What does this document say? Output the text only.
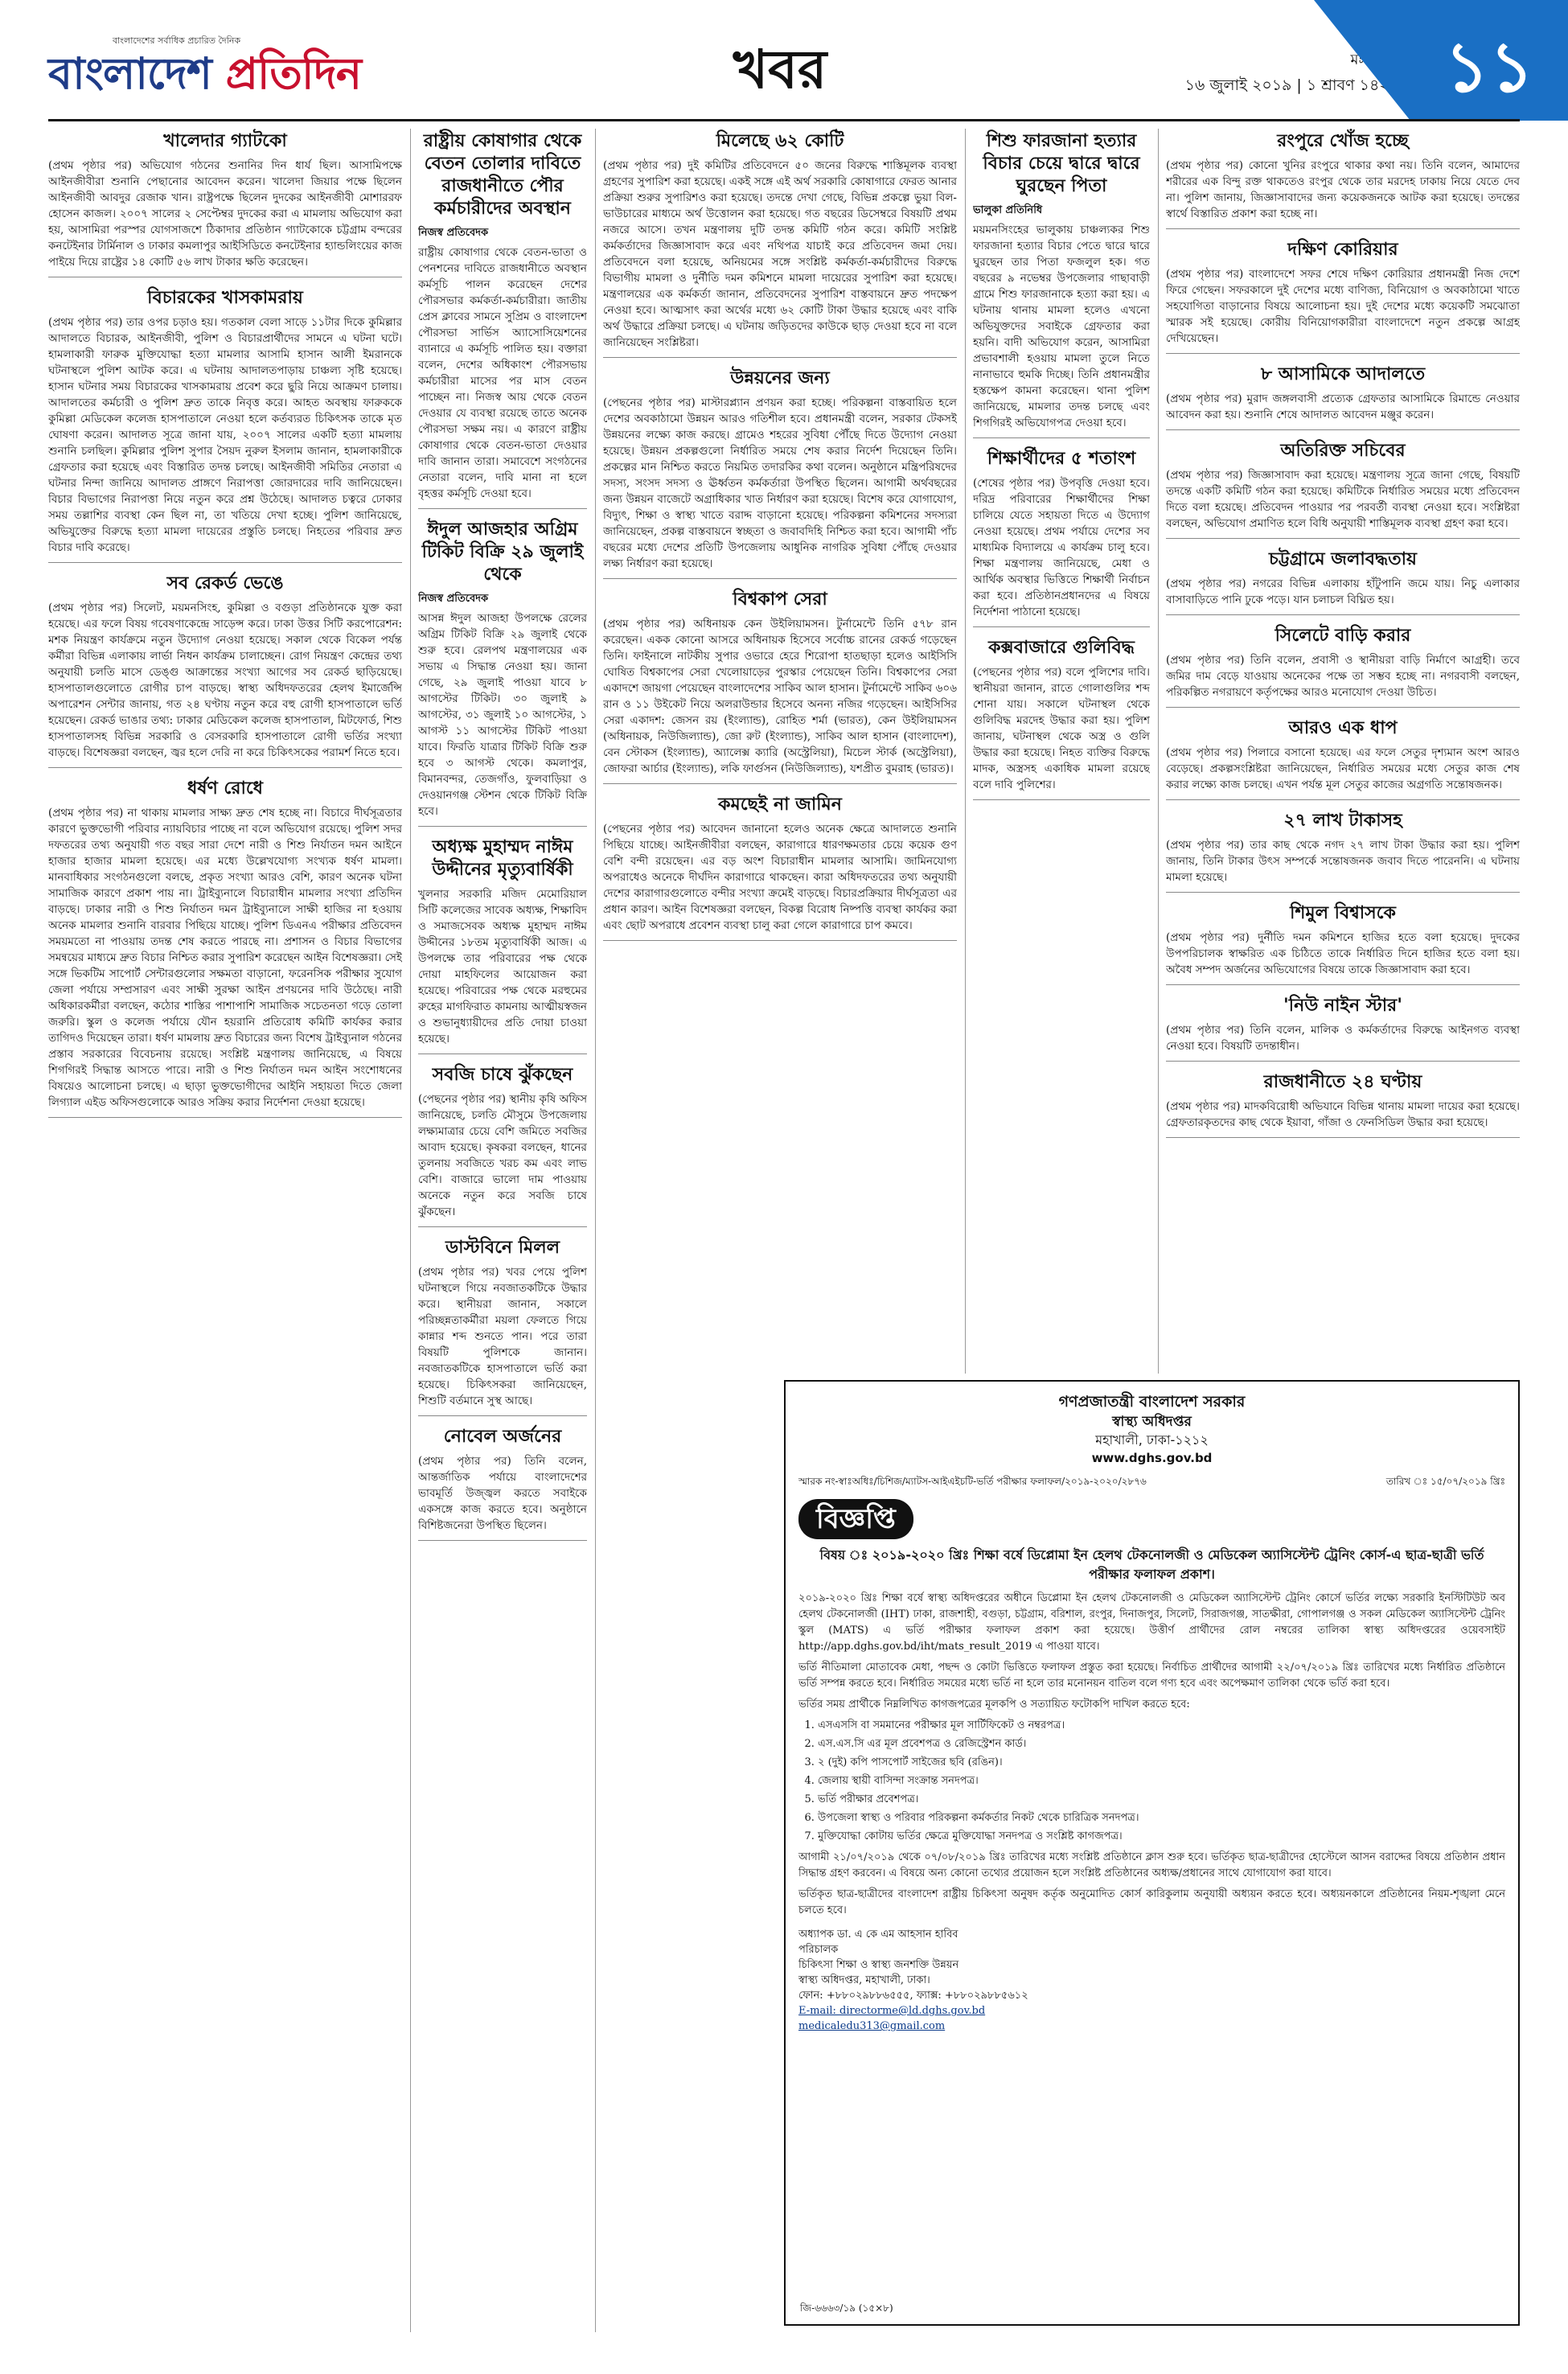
বাংলাদেশের সর্বাধিক প্রচারিত দৈনিক
বাংলাদেশ প্রতিদিন	খবর	১৬ জুলাই ২০১৯ | ১ শ্রাবণ ১৪২৬ ১১
খালেদার গ্যাটকো

(প্রথম পৃষ্ঠার পর) অভিযোগ গঠনের শুনানির দিন ধার্য ছিল। আসামিপক্ষে আইনজীবীরা শুনানি পেছানোর আবেদন করেন। খালেদা জিয়ার পক্ষে ছিলেন আইনজীবী আবদুর রেজাক খান। রাষ্ট্রপক্ষে ছিলেন দুদকের আইনজীবী মোশাররফ হোসেন কাজল। ২০০৭ সালের ২ সেপ্টেম্বর দুদকের করা এ মামলায় অভিযোগ করা হয়, আসামিরা পরস্পর যোগসাজশে ঠিকাদার প্রতিষ্ঠান গ্যাটকোকে চট্টগ্রাম বন্দরের কনটেইনার টার্মিনাল ও ঢাকার কমলাপুর আইসিডিতে কনটেইনার হ্যান্ডলিংয়ের কাজ পাইয়ে দিয়ে রাষ্ট্রের ১৪ কোটি ৫৬ লাখ টাকার ক্ষতি করেছেন।

বিচারকের খাসকামরায়

(প্রথম পৃষ্ঠার পর) তার ওপর চড়াও হয়। গতকাল বেলা সাড়ে ১১টার দিকে কুমিল্লার আদালতে বিচারক, আইনজীবী, পুলিশ ও বিচারপ্রার্থীদের সামনে এ ঘটনা ঘটে। হামলাকারী ফারুক মুক্তিযোদ্ধা হত্যা মামলার আসামি হাসান আলী ইমরানকে ঘটনাস্থলে পুলিশ আটক করে। এ ঘটনায় আদালতপাড়ায় চাঞ্চল্য সৃষ্টি হয়েছে। হাসান ঘটনার সময় বিচারকের খাসকামরায় প্রবেশ করে ছুরি নিয়ে আক্রমণ চালায়। আদালতের কর্মচারী ও পুলিশ দ্রুত তাকে নিবৃত্ত করে। আহত অবস্থায় ফারুককে কুমিল্লা মেডিকেল কলেজ হাসপাতালে নেওয়া হলে কর্তব্যরত চিকিৎসক তাকে মৃত ঘোষণা করেন। আদালত সূত্রে জানা যায়, ২০০৭ সালের একটি হত্যা মামলায় শুনানি চলছিল। কুমিল্লার পুলিশ সুপার সৈয়দ নুরুল ইসলাম জানান, হামলাকারীকে গ্রেফতার করা হয়েছে এবং বিস্তারিত তদন্ত চলছে। আইনজীবী সমিতির নেতারা এ ঘটনার নিন্দা জানিয়ে আদালত প্রাঙ্গণে নিরাপত্তা জোরদারের দাবি জানিয়েছেন। বিচার বিভাগের নিরাপত্তা নিয়ে নতুন করে প্রশ্ন উঠেছে। আদালত চত্বরে ঢোকার সময় তল্লাশির ব্যবস্থা কেন ছিল না, তা খতিয়ে দেখা হচ্ছে। পুলিশ জানিয়েছে, অভিযুক্তের বিরুদ্ধে হত্যা মামলা দায়েরের প্রস্তুতি চলছে। নিহতের পরিবার দ্রুত বিচার দাবি করেছে।

সব রেকর্ড ভেঙে

(প্রথম পৃষ্ঠার পর) সিলেট, ময়মনসিংহ, কুমিল্লা ও বগুড়া প্রতিষ্ঠানকে যুক্ত করা হয়েছে। এর ফলে বিষয় গবেষণাকেন্দ্রে সাড়েন্স করে। ঢাকা উত্তর সিটি করপোরেশন: মশক নিয়ন্ত্রণ কার্যক্রমে নতুন উদ্যোগ নেওয়া হয়েছে। সকাল থেকে বিকেল পর্যন্ত কর্মীরা বিভিন্ন এলাকায় লার্ভা নিধন কার্যক্রম চালাচ্ছেন। রোগ নিয়ন্ত্রণ কেন্দ্রের তথ্য অনুযায়ী চলতি মাসে ডেঙ্গু আক্রান্তের সংখ্যা আগের সব রেকর্ড ছাড়িয়েছে। হাসপাতালগুলোতে রোগীর চাপ বাড়ছে। স্বাস্থ্য অধিদফতরের হেলথ ইমার্জেন্সি অপারেশন সেন্টার জানায়, গত ২৪ ঘণ্টায় নতুন করে বহু রোগী হাসপাতালে ভর্তি হয়েছেন। রেকর্ড ভাঙার তথ্য: ঢাকার মেডিকেল কলেজ হাসপাতাল, মিটফোর্ড, শিশু হাসপাতালসহ বিভিন্ন সরকারি ও বেসরকারি হাসপাতালে রোগী ভর্তির সংখ্যা বাড়ছে। বিশেষজ্ঞরা বলছেন, জ্বর হলে দেরি না করে চিকিৎসকের পরামর্শ নিতে হবে।

ধর্ষণ রোধে

(প্রথম পৃষ্ঠার পর) না থাকায় মামলার সাক্ষ্য দ্রুত শেষ হচ্ছে না। বিচারে দীর্ঘসূত্রতার কারণে ভুক্তভোগী পরিবার ন্যায়বিচার পাচ্ছে না বলে অভিযোগ রয়েছে। পুলিশ সদর দফতরের তথ্য অনুযায়ী গত বছর সারা দেশে নারী ও শিশু নির্যাতন দমন আইনে হাজার হাজার মামলা হয়েছে। এর মধ্যে উল্লেখযোগ্য সংখ্যক ধর্ষণ মামলা। মানবাধিকার সংগঠনগুলো বলছে, প্রকৃত সংখ্যা আরও বেশি, কারণ অনেক ঘটনা সামাজিক কারণে প্রকাশ পায় না। ট্রাইব্যুনালে বিচারাধীন মামলার সংখ্যা প্রতিদিন বাড়ছে। ঢাকার নারী ও শিশু নির্যাতন দমন ট্রাইব্যুনালে সাক্ষী হাজির না হওয়ায় অনেক মামলার শুনানি বারবার পিছিয়ে যাচ্ছে। পুলিশ ডিএনএ পরীক্ষার প্রতিবেদন সময়মতো না পাওয়ায় তদন্ত শেষ করতে পারছে না। প্রশাসন ও বিচার বিভাগের সমন্বয়ের মাধ্যমে দ্রুত বিচার নিশ্চিত করার সুপারিশ করেছেন আইন বিশেষজ্ঞরা। সেই সঙ্গে ভিকটিম সাপোর্ট সেন্টারগুলোর সক্ষমতা বাড়ানো, ফরেনসিক পরীক্ষার সুযোগ জেলা পর্যায়ে সম্প্রসারণ এবং সাক্ষী সুরক্ষা আইন প্রণয়নের দাবি উঠেছে। নারী অধিকারকর্মীরা বলছেন, কঠোর শাস্তির পাশাপাশি সামাজিক সচেতনতা গড়ে তোলা জরুরি। স্কুল ও কলেজ পর্যায়ে যৌন হয়রানি প্রতিরোধ কমিটি কার্যকর করার তাগিদও দিয়েছেন তারা। ধর্ষণ মামলায় দ্রুত বিচারের জন্য বিশেষ ট্রাইব্যুনাল গঠনের প্রস্তাব সরকারের বিবেচনায় রয়েছে। সংশ্লিষ্ট মন্ত্রণালয় জানিয়েছে, এ বিষয়ে শিগগিরই সিদ্ধান্ত আসতে পারে। নারী ও শিশু নির্যাতন দমন আইন সংশোধনের বিষয়েও আলোচনা চলছে। এ ছাড়া ভুক্তভোগীদের আইনি সহায়তা দিতে জেলা লিগ্যাল এইড অফিসগুলোকে আরও সক্রিয় করার নির্দেশনা দেওয়া হয়েছে।

রাষ্ট্রীয় কোষাগার থেকে বেতন তোলার দাবিতে রাজধানীতে পৌর কর্মচারীদের অবস্থান
নিজস্ব প্রতিবেদক

রাষ্ট্রীয় কোষাগার থেকে বেতন-ভাতা ও পেনশনের দাবিতে রাজধানীতে অবস্থান কর্মসূচি পালন করেছেন দেশের পৌরসভার কর্মকর্তা-কর্মচারীরা। জাতীয় প্রেস ক্লাবের সামনে সুপ্রিম ও বাংলাদেশ পৌরসভা সার্ভিস অ্যাসোসিয়েশনের ব্যানারে এ কর্মসূচি পালিত হয়। বক্তারা বলেন, দেশের অধিকাংশ পৌরসভায় কর্মচারীরা মাসের পর মাস বেতন পাচ্ছেন না। নিজস্ব আয় থেকে বেতন দেওয়ার যে ব্যবস্থা রয়েছে তাতে অনেক পৌরসভা সক্ষম নয়। এ কারণে রাষ্ট্রীয় কোষাগার থেকে বেতন-ভাতা দেওয়ার দাবি জানান তারা। সমাবেশে সংগঠনের নেতারা বলেন, দাবি মানা না হলে বৃহত্তর কর্মসূচি দেওয়া হবে।

ঈদুল আজহার অগ্রিম টিকিট বিক্রি ২৯ জুলাই থেকে
নিজস্ব প্রতিবেদক

আসন্ন ঈদুল আজহা উপলক্ষে রেলের অগ্রিম টিকিট বিক্রি ২৯ জুলাই থেকে শুরু হবে। রেলপথ মন্ত্রণালয়ের এক সভায় এ সিদ্ধান্ত নেওয়া হয়। জানা গেছে, ২৯ জুলাই পাওয়া যাবে ৮ আগস্টের টিকিট। ৩০ জুলাই ৯ আগস্টের, ৩১ জুলাই ১০ আগস্টের, ১ আগস্ট ১১ আগস্টের টিকিট পাওয়া যাবে। ফিরতি যাত্রার টিকিট বিক্রি শুরু হবে ৩ আগস্ট থেকে। কমলাপুর, বিমানবন্দর, তেজগাঁও, ফুলবাড়িয়া ও দেওয়ানগঞ্জ স্টেশন থেকে টিকিট বিক্রি হবে।

অধ্যক্ষ মুহাম্মদ নাঈম উদ্দীনের মৃত্যুবার্ষিকী

খুলনার সরকারি মজিদ মেমোরিয়াল সিটি কলেজের সাবেক অধ্যক্ষ, শিক্ষাবিদ ও সমাজসেবক অধ্যক্ষ মুহাম্মদ নাঈম উদ্দীনের ১৮তম মৃত্যুবার্ষিকী আজ। এ উপলক্ষে তার পরিবারের পক্ষ থেকে দোয়া মাহফিলের আয়োজন করা হয়েছে। পরিবারের পক্ষ থেকে মরহুমের রুহের মাগফিরাত কামনায় আত্মীয়স্বজন ও শুভানুধ্যায়ীদের প্রতি দোয়া চাওয়া হয়েছে।

সবজি চাষে ঝুঁকছেন

(পেছনের পৃষ্ঠার পর) স্থানীয় কৃষি অফিস জানিয়েছে, চলতি মৌসুমে উপজেলায় লক্ষ্যমাত্রার চেয়ে বেশি জমিতে সবজির আবাদ হয়েছে। কৃষকরা বলছেন, ধানের তুলনায় সবজিতে খরচ কম এবং লাভ বেশি। বাজারে ভালো দাম পাওয়ায় অনেকে নতুন করে সবজি চাষে ঝুঁকছেন।

ডাস্টবিনে মিলল

(প্রথম পৃষ্ঠার পর) খবর পেয়ে পুলিশ ঘটনাস্থলে গিয়ে নবজাতকটিকে উদ্ধার করে। স্থানীয়রা জানান, সকালে পরিচ্ছন্নতাকর্মীরা ময়লা ফেলতে গিয়ে কান্নার শব্দ শুনতে পান। পরে তারা বিষয়টি পুলিশকে জানান। নবজাতকটিকে হাসপাতালে ভর্তি করা হয়েছে। চিকিৎসকরা জানিয়েছেন, শিশুটি বর্তমানে সুস্থ আছে।

নোবেল অর্জনের

(প্রথম পৃষ্ঠার পর) তিনি বলেন, আন্তর্জাতিক পর্যায়ে বাংলাদেশের ভাবমূর্তি উজ্জ্বল করতে সবাইকে একসঙ্গে কাজ করতে হবে। অনুষ্ঠানে বিশিষ্টজনেরা উপস্থিত ছিলেন।

মিলেছে ৬২ কোটি

(প্রথম পৃষ্ঠার পর) দুই কমিটির প্রতিবেদনে ৫০ জনের বিরুদ্ধে শাস্তিমূলক ব্যবস্থা গ্রহণের সুপারিশ করা হয়েছে। একই সঙ্গে এই অর্থ সরকারি কোষাগারে ফেরত আনার প্রক্রিয়া শুরুর সুপারিশও করা হয়েছে। তদন্তে দেখা গেছে, বিভিন্ন প্রকল্পে ভুয়া বিল-ভাউচারের মাধ্যমে অর্থ উত্তোলন করা হয়েছে। গত বছরের ডিসেম্বরে বিষয়টি প্রথম নজরে আসে। তখন মন্ত্রণালয় দুটি তদন্ত কমিটি গঠন করে। কমিটি সংশ্লিষ্ট কর্মকর্তাদের জিজ্ঞাসাবাদ করে এবং নথিপত্র যাচাই করে প্রতিবেদন জমা দেয়। প্রতিবেদনে বলা হয়েছে, অনিয়মের সঙ্গে সংশ্লিষ্ট কর্মকর্তা-কর্মচারীদের বিরুদ্ধে বিভাগীয় মামলা ও দুর্নীতি দমন কমিশনে মামলা দায়েরের সুপারিশ করা হয়েছে। মন্ত্রণালয়ের এক কর্মকর্তা জানান, প্রতিবেদনের সুপারিশ বাস্তবায়নে দ্রুত পদক্ষেপ নেওয়া হবে। আত্মসাৎ করা অর্থের মধ্যে ৬২ কোটি টাকা উদ্ধার হয়েছে এবং বাকি অর্থ উদ্ধারে প্রক্রিয়া চলছে। এ ঘটনায় জড়িতদের কাউকে ছাড় দেওয়া হবে না বলে জানিয়েছেন সংশ্লিষ্টরা।

উন্নয়নের জন্য

(পেছনের পৃষ্ঠার পর) মাস্টারপ্ল্যান প্রণয়ন করা হচ্ছে। পরিকল্পনা বাস্তবায়িত হলে দেশের অবকাঠামো উন্নয়ন আরও গতিশীল হবে। প্রধানমন্ত্রী বলেন, সরকার টেকসই উন্নয়নের লক্ষ্যে কাজ করছে। গ্রামেও শহরের সুবিধা পৌঁছে দিতে উদ্যোগ নেওয়া হয়েছে। উন্নয়ন প্রকল্পগুলো নির্ধারিত সময়ে শেষ করার নির্দেশ দিয়েছেন তিনি। প্রকল্পের মান নিশ্চিত করতে নিয়মিত তদারকির কথা বলেন। অনুষ্ঠানে মন্ত্রিপরিষদের সদস্য, সংসদ সদস্য ও ঊর্ধ্বতন কর্মকর্তারা উপস্থিত ছিলেন। আগামী অর্থবছরের জন্য উন্নয়ন বাজেটে অগ্রাধিকার খাত নির্ধারণ করা হয়েছে। বিশেষ করে যোগাযোগ, বিদ্যুৎ, শিক্ষা ও স্বাস্থ্য খাতে বরাদ্দ বাড়ানো হয়েছে। পরিকল্পনা কমিশনের সদস্যরা জানিয়েছেন, প্রকল্প বাস্তবায়নে স্বচ্ছতা ও জবাবদিহি নিশ্চিত করা হবে। আগামী পাঁচ বছরের মধ্যে দেশের প্রতিটি উপজেলায় আধুনিক নাগরিক সুবিধা পৌঁছে দেওয়ার লক্ষ্য নির্ধারণ করা হয়েছে।

বিশ্বকাপ সেরা

(প্রথম পৃষ্ঠার পর) অধিনায়ক কেন উইলিয়ামসন। টুর্নামেন্টে তিনি ৫৭৮ রান করেছেন। একক কোনো আসরে অধিনায়ক হিসেবে সর্বোচ্চ রানের রেকর্ড গড়েছেন তিনি। ফাইনালে নাটকীয় সুপার ওভারে হেরে শিরোপা হাতছাড়া হলেও আইসিসি ঘোষিত বিশ্বকাপের সেরা খেলোয়াড়ের পুরস্কার পেয়েছেন তিনি। বিশ্বকাপের সেরা একাদশে জায়গা পেয়েছেন বাংলাদেশের সাকিব আল হাসান। টুর্নামেন্টে সাকিব ৬০৬ রান ও ১১ উইকেট নিয়ে অলরাউন্ডার হিসেবে অনন্য নজির গড়েছেন। আইসিসির সেরা একাদশ: জেসন রয় (ইংল্যান্ড), রোহিত শর্মা (ভারত), কেন উইলিয়ামসন (অধিনায়ক, নিউজিল্যান্ড), জো রুট (ইংল্যান্ড), সাকিব আল হাসান (বাংলাদেশ), বেন স্টোকস (ইংল্যান্ড), অ্যালেক্স ক্যারি (অস্ট্রেলিয়া), মিচেল স্টার্ক (অস্ট্রেলিয়া), জোফরা আর্চার (ইংল্যান্ড), লকি ফার্গুসন (নিউজিল্যান্ড), যশপ্রীত বুমরাহ (ভারত)।

কমছেই না জামিন

(পেছনের পৃষ্ঠার পর) আবেদন জানানো হলেও অনেক ক্ষেত্রে আদালতে শুনানি পিছিয়ে যাচ্ছে। আইনজীবীরা বলছেন, কারাগারে ধারণক্ষমতার চেয়ে কয়েক গুণ বেশি বন্দী রয়েছেন। এর বড় অংশ বিচারাধীন মামলার আসামি। জামিনযোগ্য অপরাধেও অনেকে দীর্ঘদিন কারাগারে থাকছেন। কারা অধিদফতরের তথ্য অনুযায়ী দেশের কারাগারগুলোতে বন্দীর সংখ্যা ক্রমেই বাড়ছে। বিচারপ্রক্রিয়ার দীর্ঘসূত্রতা এর প্রধান কারণ। আইন বিশেষজ্ঞরা বলছেন, বিকল্প বিরোধ নিষ্পত্তি ব্যবস্থা কার্যকর করা এবং ছোট অপরাধে প্রবেশন ব্যবস্থা চালু করা গেলে কারাগারে চাপ কমবে।

শিশু ফারজানা হত্যার বিচার চেয়ে দ্বারে দ্বারে ঘুরছেন পিতা
ভালুকা প্রতিনিধি

ময়মনসিংহের ভালুকায় চাঞ্চল্যকর শিশু ফারজানা হত্যার বিচার পেতে দ্বারে দ্বারে ঘুরছেন তার পিতা ফজলুল হক। গত বছরের ৯ নভেম্বর উপজেলার গাছাবাড়ী গ্রামে শিশু ফারজানাকে হত্যা করা হয়। এ ঘটনায় থানায় মামলা হলেও এখনো অভিযুক্তদের সবাইকে গ্রেফতার করা হয়নি। বাদী অভিযোগ করেন, আসামিরা প্রভাবশালী হওয়ায় মামলা তুলে নিতে নানাভাবে হুমকি দিচ্ছে। তিনি প্রধানমন্ত্রীর হস্তক্ষেপ কামনা করেছেন। থানা পুলিশ জানিয়েছে, মামলার তদন্ত চলছে এবং শিগগিরই অভিযোগপত্র দেওয়া হবে।

শিক্ষার্থীদের ৫ শতাংশ

(শেষের পৃষ্ঠার পর) উপবৃত্তি দেওয়া হবে। দরিদ্র পরিবারের শিক্ষার্থীদের শিক্ষা চালিয়ে যেতে সহায়তা দিতে এ উদ্যোগ নেওয়া হয়েছে। প্রথম পর্যায়ে দেশের সব মাধ্যমিক বিদ্যালয়ে এ কার্যক্রম চালু হবে। শিক্ষা মন্ত্রণালয় জানিয়েছে, মেধা ও আর্থিক অবস্থার ভিত্তিতে শিক্ষার্থী নির্বাচন করা হবে। প্রতিষ্ঠানপ্রধানদের এ বিষয়ে নির্দেশনা পাঠানো হয়েছে।

কক্সবাজারে গুলিবিদ্ধ

(পেছনের পৃষ্ঠার পর) বলে পুলিশের দাবি। স্থানীয়রা জানান, রাতে গোলাগুলির শব্দ শোনা যায়। সকালে ঘটনাস্থল থেকে গুলিবিদ্ধ মরদেহ উদ্ধার করা হয়। পুলিশ জানায়, ঘটনাস্থল থেকে অস্ত্র ও গুলি উদ্ধার করা হয়েছে। নিহত ব্যক্তির বিরুদ্ধে মাদক, অস্ত্রসহ একাধিক মামলা রয়েছে বলে দাবি পুলিশের।

রংপুরে খোঁজ হচ্ছে

(প্রথম পৃষ্ঠার পর) কোনো খুনির রংপুরে থাকার কথা নয়। তিনি বলেন, আমাদের শরীরের এক বিন্দু রক্ত থাকতেও রংপুর থেকে তার মরদেহ ঢাকায় নিয়ে যেতে দেব না। পুলিশ জানায়, জিজ্ঞাসাবাদের জন্য কয়েকজনকে আটক করা হয়েছে। তদন্তের স্বার্থে বিস্তারিত প্রকাশ করা হচ্ছে না।

দক্ষিণ কোরিয়ার

(প্রথম পৃষ্ঠার পর) বাংলাদেশে সফর শেষে দক্ষিণ কোরিয়ার প্রধানমন্ত্রী নিজ দেশে ফিরে গেছেন। সফরকালে দুই দেশের মধ্যে বাণিজ্য, বিনিয়োগ ও অবকাঠামো খাতে সহযোগিতা বাড়ানোর বিষয়ে আলোচনা হয়। দুই দেশের মধ্যে কয়েকটি সমঝোতা স্মারক সই হয়েছে। কোরীয় বিনিয়োগকারীরা বাংলাদেশে নতুন প্রকল্পে আগ্রহ দেখিয়েছেন।

৮ আসামিকে আদালতে

(প্রথম পৃষ্ঠার পর) মুরাদ জঙ্গলবাসী প্রত্যেক গ্রেফতার আসামিকে রিমান্ডে নেওয়ার আবেদন করা হয়। শুনানি শেষে আদালত আবেদন মঞ্জুর করেন।

অতিরিক্ত সচিবের

(প্রথম পৃষ্ঠার পর) জিজ্ঞাসাবাদ করা হয়েছে। মন্ত্রণালয় সূত্রে জানা গেছে, বিষয়টি তদন্তে একটি কমিটি গঠন করা হয়েছে। কমিটিকে নির্ধারিত সময়ের মধ্যে প্রতিবেদন দিতে বলা হয়েছে। প্রতিবেদন পাওয়ার পর পরবর্তী ব্যবস্থা নেওয়া হবে। সংশ্লিষ্টরা বলছেন, অভিযোগ প্রমাণিত হলে বিধি অনুযায়ী শাস্তিমূলক ব্যবস্থা গ্রহণ করা হবে।

চট্টগ্রামে জলাবদ্ধতায়

(প্রথম পৃষ্ঠার পর) নগরের বিভিন্ন এলাকায় হাঁটুপানি জমে যায়। নিচু এলাকার বাসাবাড়িতে পানি ঢুকে পড়ে। যান চলাচল বিঘ্নিত হয়।

সিলেটে বাড়ি করার

(প্রথম পৃষ্ঠার পর) তিনি বলেন, প্রবাসী ও স্থানীয়রা বাড়ি নির্মাণে আগ্রহী। তবে জমির দাম বেড়ে যাওয়ায় অনেকের পক্ষে তা সম্ভব হচ্ছে না। নগরবাসী বলছেন, পরিকল্পিত নগরায়ণে কর্তৃপক্ষের আরও মনোযোগ দেওয়া উচিত।

আরও এক ধাপ

(প্রথম পৃষ্ঠার পর) পিলারে বসানো হয়েছে। এর ফলে সেতুর দৃশ্যমান অংশ আরও বেড়েছে। প্রকল্পসংশ্লিষ্টরা জানিয়েছেন, নির্ধারিত সময়ের মধ্যে সেতুর কাজ শেষ করার লক্ষ্যে কাজ চলছে। এখন পর্যন্ত মূল সেতুর কাজের অগ্রগতি সন্তোষজনক।

২৭ লাখ টাকাসহ

(প্রথম পৃষ্ঠার পর) তার কাছ থেকে নগদ ২৭ লাখ টাকা উদ্ধার করা হয়। পুলিশ জানায়, তিনি টাকার উৎস সম্পর্কে সন্তোষজনক জবাব দিতে পারেননি। এ ঘটনায় মামলা হয়েছে।

শিমুল বিশ্বাসকে

(প্রথম পৃষ্ঠার পর) দুর্নীতি দমন কমিশনে হাজির হতে বলা হয়েছে। দুদকের উপপরিচালক স্বাক্ষরিত এক চিঠিতে তাকে নির্ধারিত দিনে হাজির হতে বলা হয়। অবৈধ সম্পদ অর্জনের অভিযোগের বিষয়ে তাকে জিজ্ঞাসাবাদ করা হবে।

'নিউ নাইন স্টার'

(প্রথম পৃষ্ঠার পর) তিনি বলেন, মালিক ও কর্মকর্তাদের বিরুদ্ধে আইনগত ব্যবস্থা নেওয়া হবে। বিষয়টি তদন্তাধীন।

রাজধানীতে ২৪ ঘণ্টায়

(প্রথম পৃষ্ঠার পর) মাদকবিরোধী অভিযানে বিভিন্ন থানায় মামলা দায়ের করা হয়েছে। গ্রেফতারকৃতদের কাছ থেকে ইয়াবা, গাঁজা ও ফেনসিডিল উদ্ধার করা হয়েছে।

গণপ্রজাতন্ত্রী বাংলাদেশ সরকার
স্বাস্থ্য অধিদপ্তর
মহাখালী, ঢাকা-১২১২
www.dghs.gov.bd
স্মারক নং-স্বাঃঅধিঃ/চিশিজ/ম্যাটস-আইএইচটি-ভর্তি পরীক্ষার ফলাফল/২০১৯-২০২০/২৮৭৬	তারিখ ঃ ১৫/০৭/২০১৯ খ্রিঃ
বিজ্ঞপ্তি
বিষয় ঃ ২০১৯-২০২০ খ্রিঃ শিক্ষা বর্ষে ডিপ্লোমা ইন হেলথ টেকনোলজী ও মেডিকেল অ্যাসিস্টেন্ট ট্রেনিং কোর্স-এ ছাত্র-ছাত্রী ভর্তি পরীক্ষার ফলাফল প্রকাশ।

২০১৯-২০২০ খ্রিঃ শিক্ষা বর্ষে স্বাস্থ্য অধিদপ্তরের অধীনে ডিপ্লোমা ইন হেলথ টেকনোলজী ও মেডিকেল অ্যাসিস্টেন্ট ট্রেনিং কোর্সে ভর্তির লক্ষ্যে সরকারি ইনস্টিটিউট অব হেলথ টেকনোলজী (IHT) ঢাকা, রাজশাহী, বগুড়া, চট্টগ্রাম, বরিশাল, রংপুর, দিনাজপুর, সিলেট, সিরাজগঞ্জ, সাতক্ষীরা, গোপালগঞ্জ ও সকল মেডিকেল অ্যাসিস্টেন্ট ট্রেনিং স্কুল (MATS) এ ভর্তি পরীক্ষার ফলাফল প্রকাশ করা হয়েছে। উত্তীর্ণ প্রার্থীদের রোল নম্বরের তালিকা স্বাস্থ্য অধিদপ্তরের ওয়েবসাইট http://app.dghs.gov.bd/iht/mats_result_2019 এ পাওয়া যাবে।

ভর্তি নীতিমালা মোতাবেক মেধা, পছন্দ ও কোটা ভিত্তিতে ফলাফল প্রস্তুত করা হয়েছে। নির্বাচিত প্রার্থীদের আগামী ২২/০৭/২০১৯ খ্রিঃ তারিখের মধ্যে নির্ধারিত প্রতিষ্ঠানে ভর্তি সম্পন্ন করতে হবে। নির্ধারিত সময়ের মধ্যে ভর্তি না হলে তার মনোনয়ন বাতিল বলে গণ্য হবে এবং অপেক্ষমাণ তালিকা থেকে ভর্তি করা হবে।

ভর্তির সময় প্রার্থীকে নিম্নলিখিত কাগজপত্রের মূলকপি ও সত্যায়িত ফটোকপি দাখিল করতে হবে:

1. এসএসসি বা সমমানের পরীক্ষার মূল সার্টিফিকেট ও নম্বরপত্র।
2. এস.এস.সি এর মূল প্রবেশপত্র ও রেজিস্ট্রেশন কার্ড।
3. ২ (দুই) কপি পাসপোর্ট সাইজের ছবি (রঙিন)।
4. জেলায় স্থায়ী বাসিন্দা সংক্রান্ত সনদপত্র।
5. ভর্তি পরীক্ষার প্রবেশপত্র।
6. উপজেলা স্বাস্থ্য ও পরিবার পরিকল্পনা কর্মকর্তার নিকট থেকে চারিত্রিক সনদপত্র।
7. মুক্তিযোদ্ধা কোটায় ভর্তির ক্ষেত্রে মুক্তিযোদ্ধা সনদপত্র ও সংশ্লিষ্ট কাগজপত্র।

আগামী ২১/০৭/২০১৯ থেকে ০৭/০৮/২০১৯ খ্রিঃ তারিখের মধ্যে সংশ্লিষ্ট প্রতিষ্ঠানে ক্লাস শুরু হবে। ভর্তিকৃত ছাত্র-ছাত্রীদের হোস্টেলে আসন বরাদ্দের বিষয়ে প্রতিষ্ঠান প্রধান সিদ্ধান্ত গ্রহণ করবেন। এ বিষয়ে অন্য কোনো তথ্যের প্রয়োজন হলে সংশ্লিষ্ট প্রতিষ্ঠানের অধ্যক্ষ/প্রধানের সাথে যোগাযোগ করা যাবে।

ভর্তিকৃত ছাত্র-ছাত্রীদের বাংলাদেশ রাষ্ট্রীয় চিকিৎসা অনুষদ কর্তৃক অনুমোদিত কোর্স কারিকুলাম অনুযায়ী অধ্যয়ন করতে হবে। অধ্যয়নকালে প্রতিষ্ঠানের নিয়ম-শৃঙ্খলা মেনে চলতে হবে।

অধ্যাপক ডা. এ কে এম আহসান হাবিব
পরিচালক
চিকিৎসা শিক্ষা ও স্বাস্থ্য জনশক্তি উন্নয়ন
স্বাস্থ্য অধিদপ্তর, মহাখালী, ঢাকা।
ফোন: +৮৮০২৯৮৮৬৫৫৫, ফ্যাক্স: +৮৮০২৯৮৮৫৬১২
E-mail: directorme@ld.dghs.gov.bd
medicaledu313@gmail.com
জি-৬৬৬৩/১৯ (১৫×৮)
